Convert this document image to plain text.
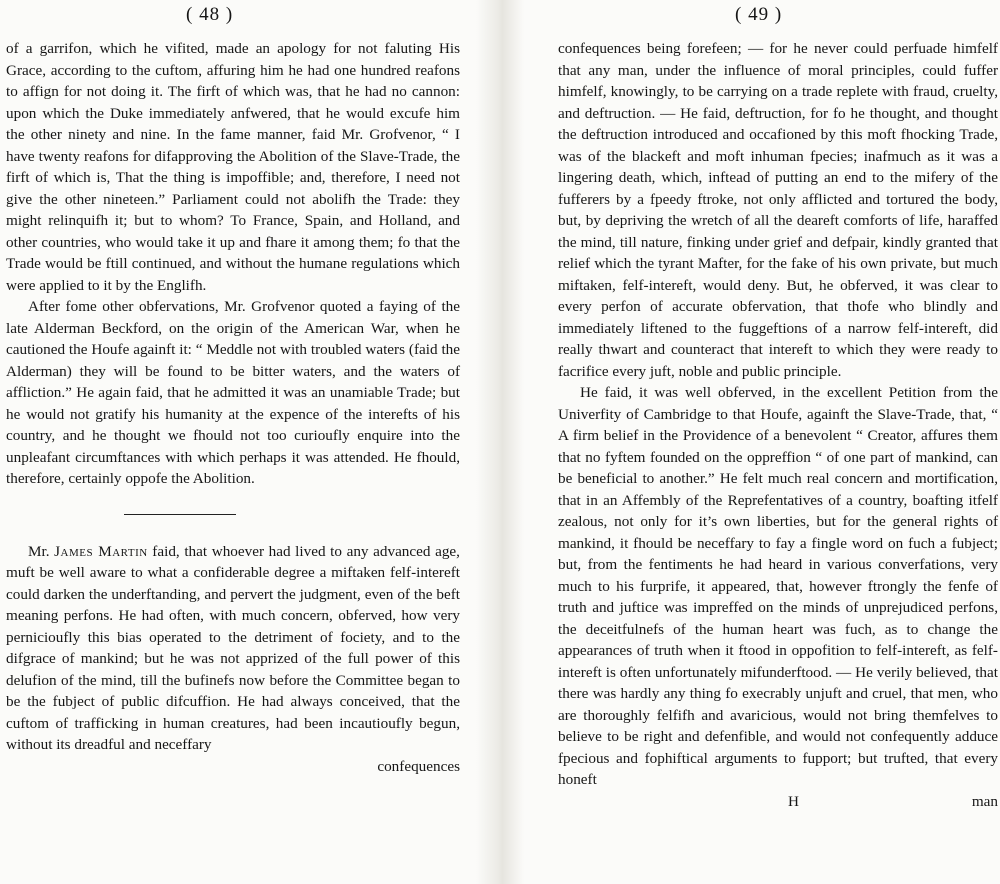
( 48 )

of a garrifon, which he vifited, made an apology for not faluting His Grace, according to the cuftom, affuring him he had one hundred reafons to affign for not doing it. The firft of which was, that he had no cannon: upon which the Duke immediately anfwered, that he would excufe him the other ninety and nine. In the fame manner, faid Mr. Grofvenor, “ I have twenty reafons for difapproving the Abolition of the Slave-Trade, the firft of which is, That the thing is impoffible; and, therefore, I need not give the other nineteen.” Parliament could not abolifh the Trade: they might relinquifh it; but to whom? To France, Spain, and Holland, and other countries, who would take it up and fhare it among them; fo that the Trade would be ftill continued, and without the humane regulations which were applied to it by the Englifh.

After fome other obfervations, Mr. Grofvenor quoted a faying of the late Alderman Beckford, on the origin of the American War, when he cautioned the Houfe againft it: “ Meddle not with troubled waters (faid the Alderman) they will be found to be bitter waters, and the waters of affliction.” He again faid, that he admitted it was an unamiable Trade; but he would not gratify his humanity at the expence of the interefts of his country, and he thought we fhould not too curioufly enquire into the unpleafant circumftances with which perhaps it was attended. He fhould, therefore, certainly oppofe the Abolition.

Mr. James Martin faid, that whoever had lived to any advanced age, muft be well aware to what a confiderable degree a miftaken felf-intereft could darken the underftanding, and pervert the judgment, even of the beft meaning perfons. He had often, with much concern, obferved, how very pernicioufly this bias operated to the detriment of fociety, and to the difgrace of mankind; but he was not apprized of the full power of this delufion of the mind, till the bufinefs now before the Committee began to be the fubject of public difcuffion. He had always conceived, that the cuftom of trafficking in human creatures, had been incautioufly begun, without its dreadful and neceffary

confequences
( 49 )

confequences being forefeen; — for he never could perfuade himfelf that any man, under the influence of moral principles, could fuffer himfelf, knowingly, to be carrying on a trade replete with fraud, cruelty, and deftruction. — He faid, deftruction, for fo he thought, and thought the deftruction introduced and occafioned by this moft fhocking Trade, was of the blackeft and moft inhuman fpecies; inafmuch as it was a lingering death, which, inftead of putting an end to the mifery of the fufferers by a fpeedy ftroke, not only afflicted and tortured the body, but, by depriving the wretch of all the deareft comforts of life, haraffed the mind, till nature, finking under grief and defpair, kindly granted that relief which the tyrant Mafter, for the fake of his own private, but much miftaken, felf-intereft, would deny. But, he obferved, it was clear to every perfon of accurate obfervation, that thofe who blindly and immediately liftened to the fuggeftions of a narrow felf-intereft, did really thwart and counteract that intereft to which they were ready to facrifice every juft, noble and public principle.

He faid, it was well obferved, in the excellent Petition from the Univerfity of Cambridge to that Houfe, againft the Slave-Trade, that, “ A firm belief in the Providence of a benevolent “ Creator, affures them that no fyftem founded on the oppreffion “ of one part of mankind, can be beneficial to another.” He felt much real concern and mortification, that in an Affembly of the Reprefentatives of a country, boafting itfelf zealous, not only for it’s own liberties, but for the general rights of mankind, it fhould be neceffary to fay a fingle word on fuch a fubject; but, from the fentiments he had heard in various converfations, very much to his furprife, it appeared, that, however ftrongly the fenfe of truth and juftice was impreffed on the minds of unprejudiced perfons, the deceitfulnefs of the human heart was fuch, as to change the appearances of truth when it ftood in oppofition to felf-intereft, as felf-intereft is often unfortunately mifunderftood. — He verily believed, that there was hardly any thing fo execrably unjuft and cruel, that men, who are thoroughly felfifh and avaricious, would not bring themfelves to believe to be right and defenfible, and would not confequently adduce fpecious and fophiftical arguments to fupport; but trufted, that every honeft

H	man
